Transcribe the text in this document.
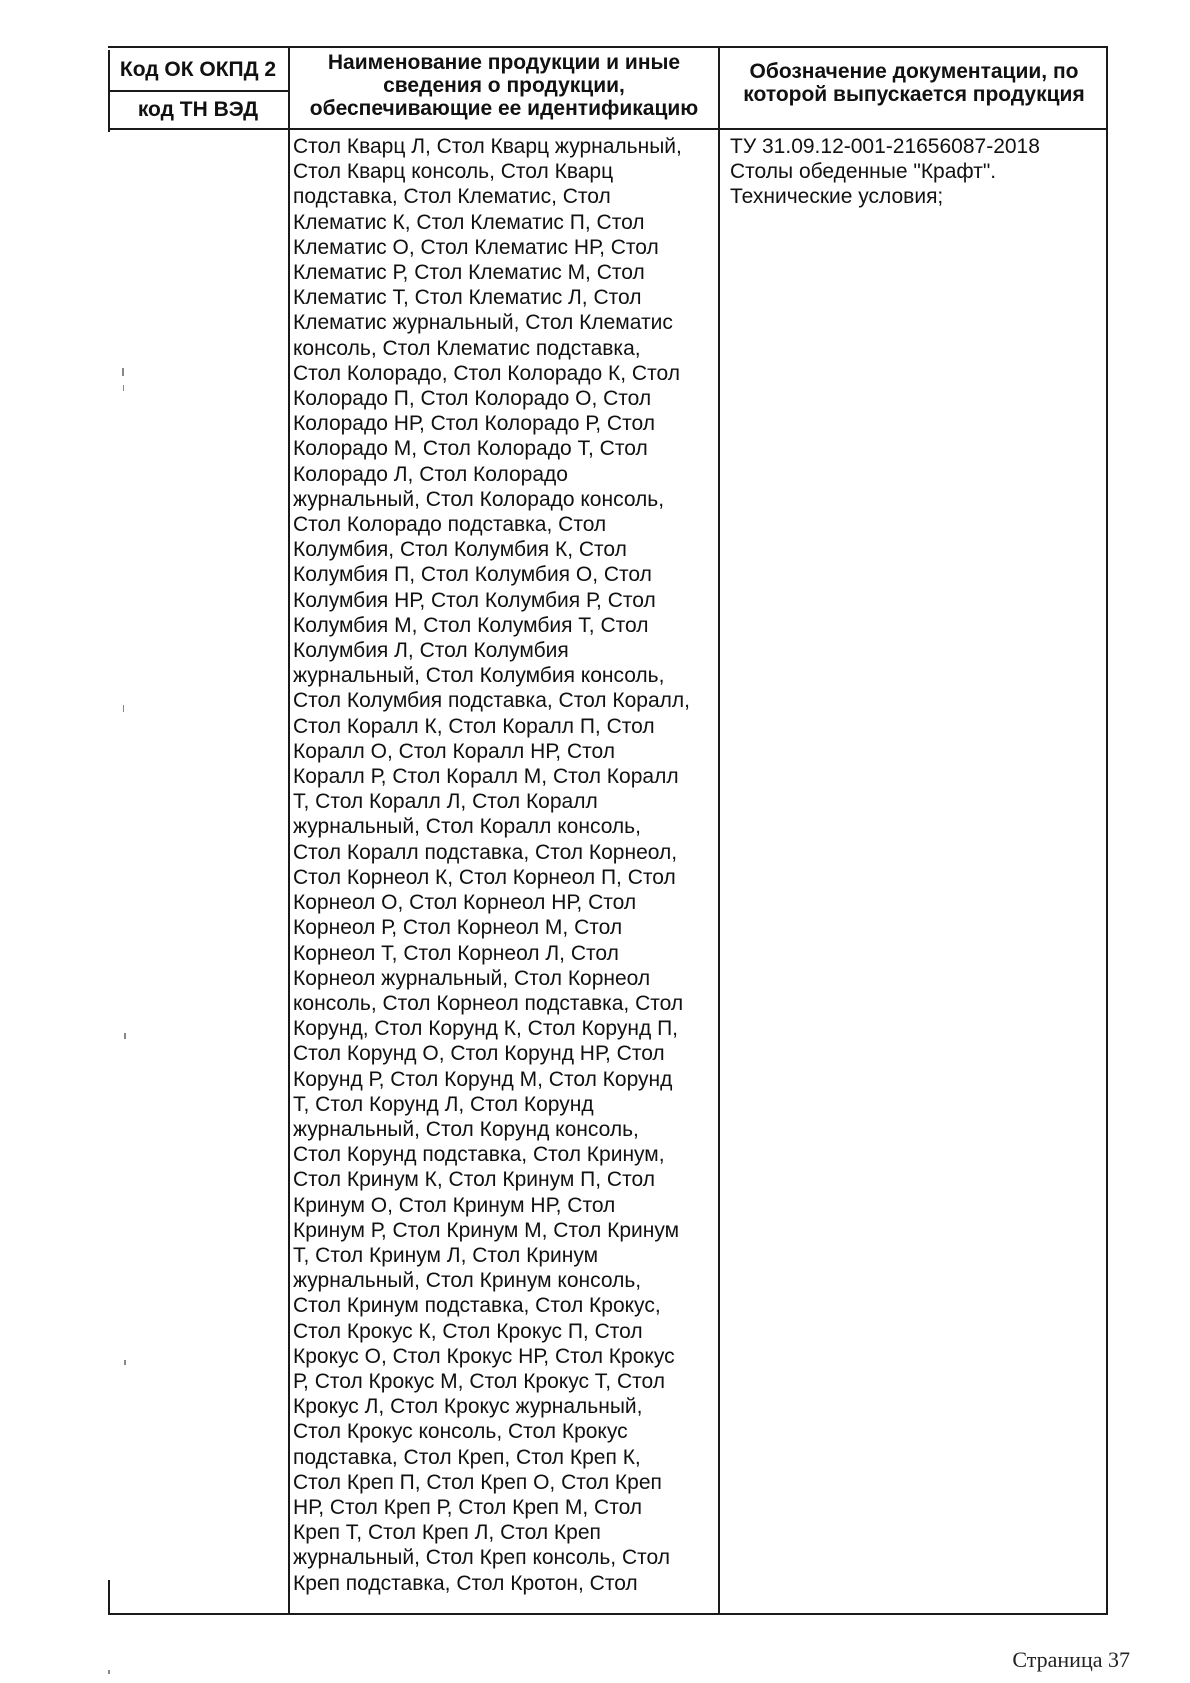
Код ОК ОКПД 2
код ТН ВЭД
Наименование продукции и иные
сведения о продукции,
обеспечивающие ее идентификацию
Обозначение документации, по
которой выпускается продукция
Стол Кварц Л, Стол Кварц журнальный,
Стол Кварц консоль, Стол Кварц
подставка, Стол Клематис, Стол
Клематис К, Стол Клематис П, Стол
Клематис О, Стол Клематис НР, Стол
Клематис Р, Стол Клематис М, Стол
Клематис Т, Стол Клематис Л, Стол
Клематис журнальный, Стол Клематис
консоль, Стол Клематис подставка,
Стол Колорадо, Стол Колорадо К, Стол
Колорадо П, Стол Колорадо О, Стол
Колорадо НР, Стол Колорадо Р, Стол
Колорадо М, Стол Колорадо Т, Стол
Колорадо Л, Стол Колорадо
журнальный, Стол Колорадо консоль,
Стол Колорадо подставка, Стол
Колумбия, Стол Колумбия К, Стол
Колумбия П, Стол Колумбия О, Стол
Колумбия НР, Стол Колумбия Р, Стол
Колумбия М, Стол Колумбия Т, Стол
Колумбия Л, Стол Колумбия
журнальный, Стол Колумбия консоль,
Стол Колумбия подставка, Стол Коралл,
Стол Коралл К, Стол Коралл П, Стол
Коралл О, Стол Коралл НР, Стол
Коралл Р, Стол Коралл М, Стол Коралл
Т, Стол Коралл Л, Стол Коралл
журнальный, Стол Коралл консоль,
Стол Коралл подставка, Стол Корнеол,
Стол Корнеол К, Стол Корнеол П, Стол
Корнеол О, Стол Корнеол НР, Стол
Корнеол Р, Стол Корнеол М, Стол
Корнеол Т, Стол Корнеол Л, Стол
Корнеол журнальный, Стол Корнеол
консоль, Стол Корнеол подставка, Стол
Корунд, Стол Корунд К, Стол Корунд П,
Стол Корунд О, Стол Корунд НР, Стол
Корунд Р, Стол Корунд М, Стол Корунд
Т, Стол Корунд Л, Стол Корунд
журнальный, Стол Корунд консоль,
Стол Корунд подставка, Стол Кринум,
Стол Кринум К, Стол Кринум П, Стол
Кринум О, Стол Кринум НР, Стол
Кринум Р, Стол Кринум М, Стол Кринум
Т, Стол Кринум Л, Стол Кринум
журнальный, Стол Кринум консоль,
Стол Кринум подставка, Стол Крокус,
Стол Крокус К, Стол Крокус П, Стол
Крокус О, Стол Крокус НР, Стол Крокус
Р, Стол Крокус М, Стол Крокус Т, Стол
Крокус Л, Стол Крокус журнальный,
Стол Крокус консоль, Стол Крокус
подставка, Стол Креп, Стол Креп К,
Стол Креп П, Стол Креп О, Стол Креп
НР, Стол Креп Р, Стол Креп М, Стол
Креп Т, Стол Креп Л, Стол Креп
журнальный, Стол Креп консоль, Стол
Креп подставка, Стол Кротон, Стол
ТУ 31.09.12-001-21656087-2018
Столы обеденные "Крафт".
Технические условия;
Страница 37
